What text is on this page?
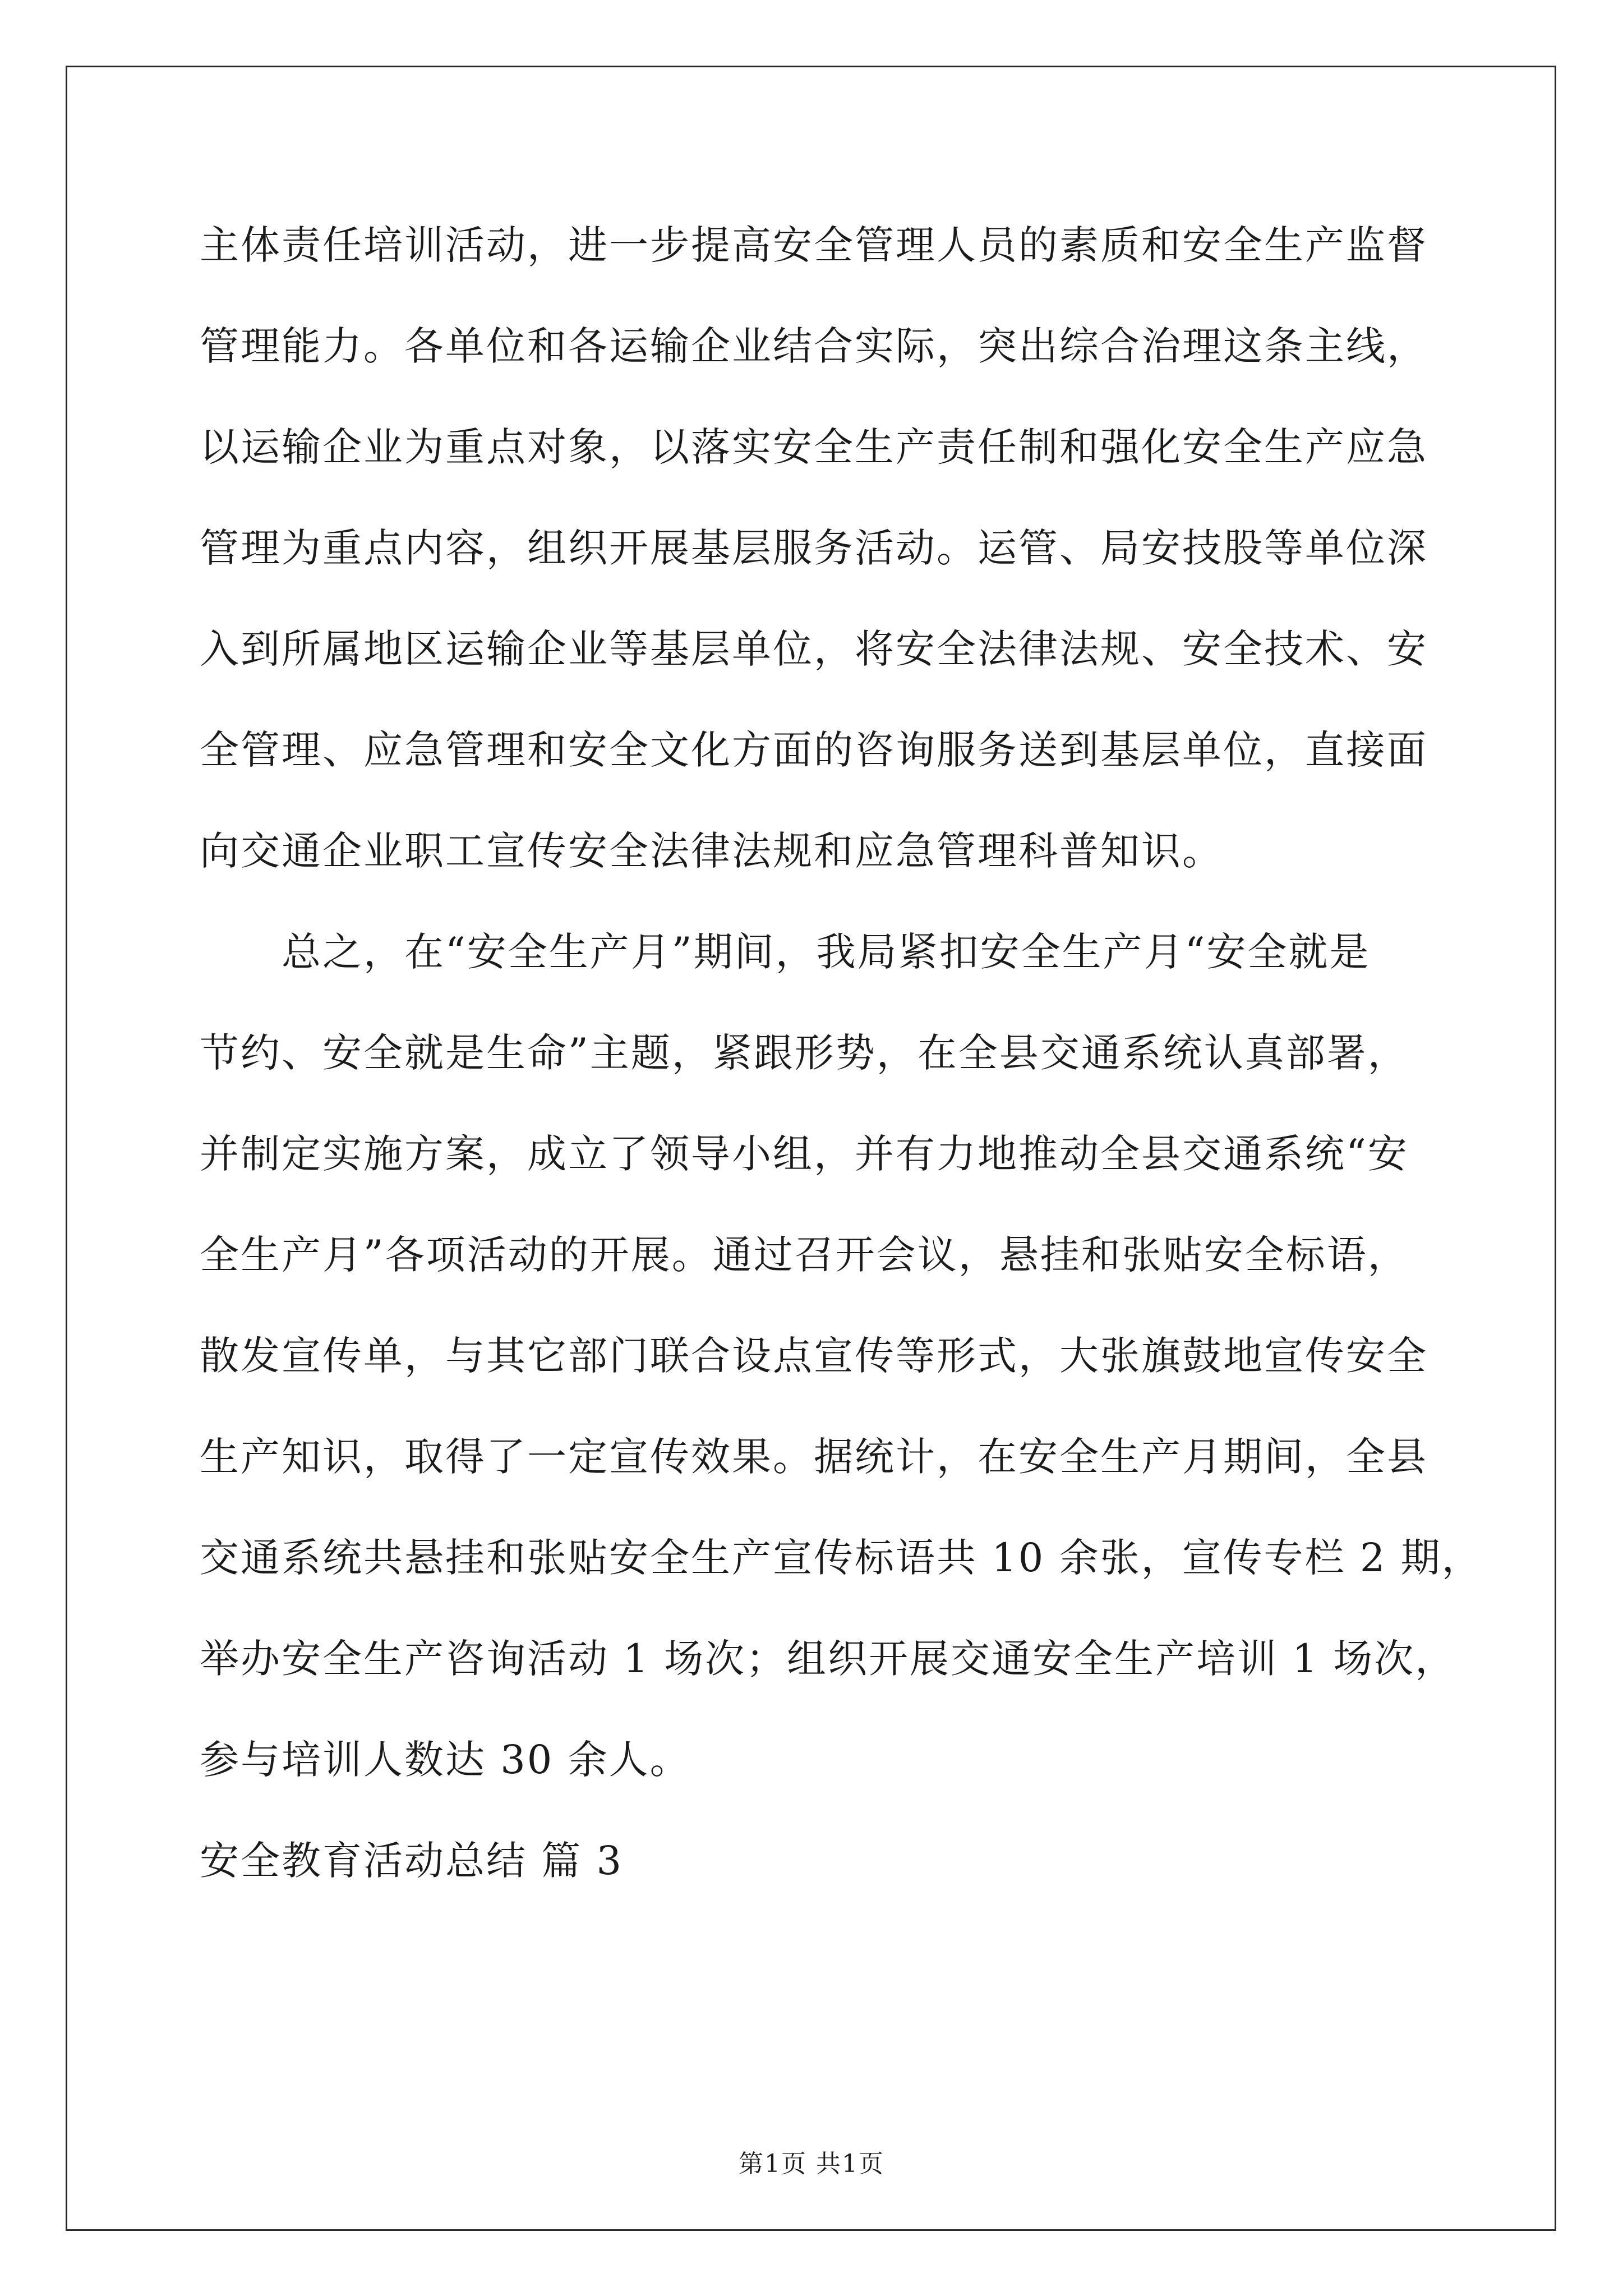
主体责任培训活动，进一步提高安全管理人员的素质和安全生产监督
管理能力。各单位和各运输企业结合实际，突出综合治理这条主线，
以运输企业为重点对象，以落实安全生产责任制和强化安全生产应急
管理为重点内容，组织开展基层服务活动。运管、局安技股等单位深
入到所属地区运输企业等基层单位，将安全法律法规、安全技术、安
全管理、应急管理和安全文化方面的咨询服务送到基层单位，直接面
向交通企业职工宣传安全法律法规和应急管理科普知识。
　　总之，在“安全生产月”期间，我局紧扣安全生产月“安全就是
节约、安全就是生命”主题，紧跟形势，在全县交通系统认真部署，
并制定实施方案，成立了领导小组，并有力地推动全县交通系统“安
全生产月”各项活动的开展。通过召开会议，悬挂和张贴安全标语，
散发宣传单，与其它部门联合设点宣传等形式，大张旗鼓地宣传安全
生产知识，取得了一定宣传效果。据统计，在安全生产月期间，全县
交通系统共悬挂和张贴安全生产宣传标语共 10 余张，宣传专栏 2 期，
举办安全生产咨询活动 1 场次；组织开展交通安全生产培训 1 场次，
参与培训人数达 30 余人。
安全教育活动总结 篇 3
第1页 共1页
